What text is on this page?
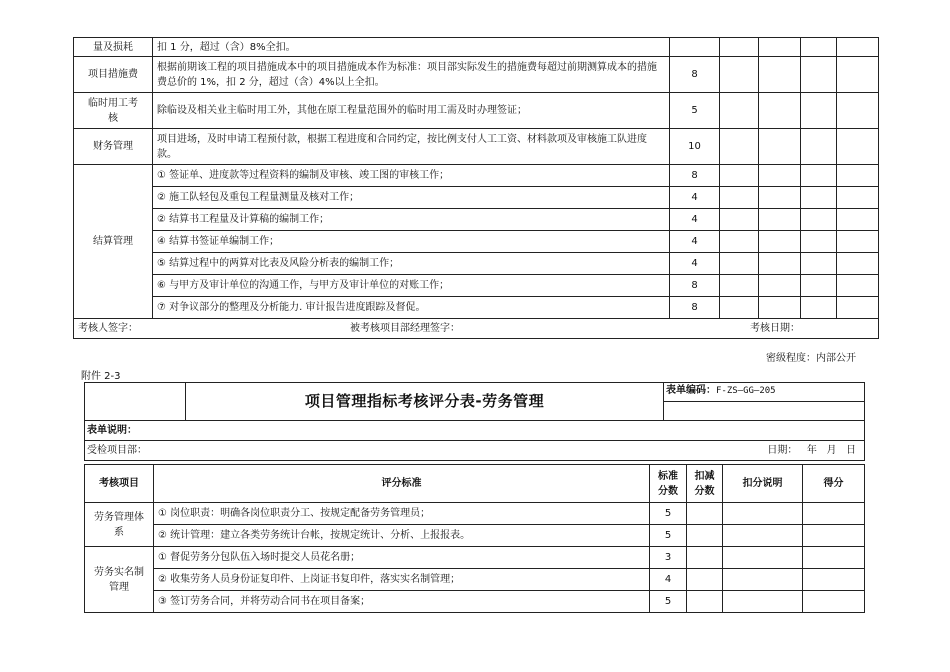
量及损耗	扣 1 分，超过（含）8%全扣。					
项目措施费	根据前期该工程的项目措施成本中的项目措施成本作为标准：项目部实际发生的措施费每超过前期测算成本的措施费总价的 1%，扣 2 分，超过（含）4%以上全扣。	8				
临时用工考核	除临设及相关业主临时用工外，其他在原工程量范围外的临时用工需及时办理签证；	5				
财务管理	项目进场，及时申请工程预付款，根据工程进度和合同约定，按比例支付人工工资、材料款项及审核施工队进度款。	10				
结算管理	① 签证单、进度款等过程资料的编制及审核、竣工图的审核工作；	8				
	② 施工队轻包及重包工程量测量及核对工作；	4				
	② 结算书工程量及计算稿的编制工作；	4				
	④ 结算书签证单编制工作；	4				
	⑤ 结算过程中的两算对比表及风险分析表的编制工作；	4				
	⑥ 与甲方及审计单位的沟通工作，与甲方及审计单位的对账工作；	8				
	⑦ 对争议部分的整理及分析能力. 审计报告进度跟踪及督促。	8				

考核人签字： 被考核项目部经理签字： 考核日期：						
密级程度：内部公开
附件 2-3
	项目管理指标考核评分表-劳务管理	表单编码：F-ZS—GG—205

表单说明：
受检项目部：	日期：   年   月   日
考核项目	评分标准	标准分数	扣减分数	扣分说明	得分
劳务管理体系	① 岗位职责：明确各岗位职责分工、按规定配备劳务管理员；	5			
	② 统计管理：建立各类劳务统计台帐，按规定统计、分析、上报报表。	5			
劳务实名制管理	① 督促劳务分包队伍入场时提交人员花名册；	3			
	② 收集劳务人员身份证复印件、上岗证书复印件，落实实名制管理；	4			
	③ 签订劳务合同，并将劳动合同书在项目备案；	5			
